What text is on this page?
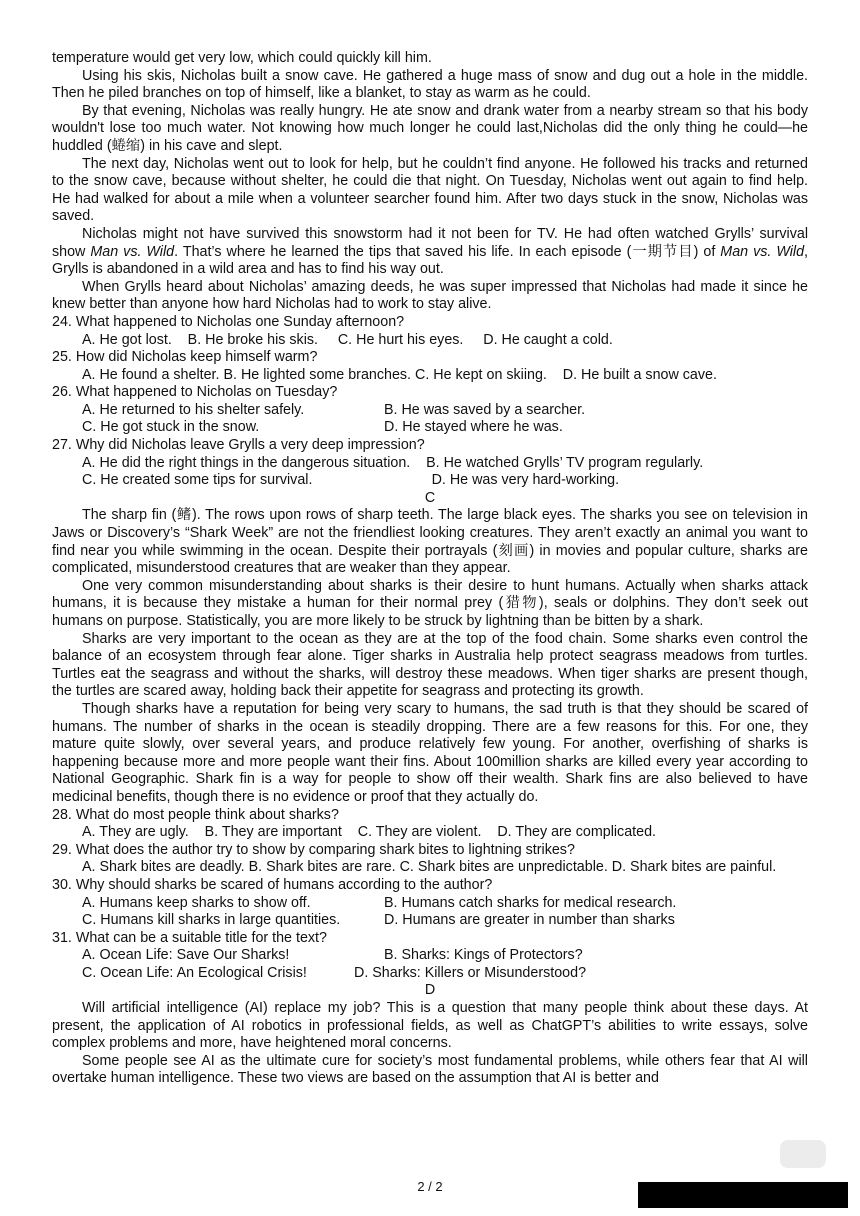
temperature would get very low, which could quickly kill him.

Using his skis, Nicholas built a snow cave. He gathered a huge mass of snow and dug out a hole in the middle. Then he piled branches on top of himself, like a blanket, to stay as warm as he could.

By that evening, Nicholas was really hungry. He ate snow and drank water from a nearby stream so that his body wouldn't lose too much water. Not knowing how much longer he could last,Nicholas did the only thing he could—he huddled (蜷缩) in his cave and slept.

The next day, Nicholas went out to look for help, but he couldn’t find anyone. He followed his tracks and returned to the snow cave, because without shelter, he could die that night. On Tuesday, Nicholas went out again to find help. He had walked for about a mile when a volunteer searcher found him. After two days stuck in the snow, Nicholas was saved.

Nicholas might not have survived this snowstorm had it not been for TV. He had often watched Grylls’ survival show Man vs. Wild. That’s where he learned the tips that saved his life. In each episode (一期节目) of Man vs. Wild, Grylls is abandoned in a wild area and has to find his way out.

When Grylls heard about Nicholas’ amazing deeds, he was super impressed that Nicholas had made it since he knew better than anyone how hard Nicholas had to work to stay alive.

24. What happened to Nicholas one Sunday afternoon?

A. He got lost.    B. He broke his skis.     C. He hurt his eyes.     D. He caught a cold.

25. How did Nicholas keep himself warm?

A. He found a shelter. B. He lighted some branches. C. He kept on skiing.    D. He built a snow cave.

26. What happened to Nicholas on Tuesday?

A. He returned to his shelter safely.	B. He was saved by a searcher.
C. He got stuck in the snow.	D. He stayed where he was.

27. Why did Nicholas leave Grylls a very deep impression?

A. He did the right things in the dangerous situation.    B. He watched Grylls’ TV program regularly.

C. He created some tips for survival.                              D. He was very hard-working.

C

The sharp fin (鳍). The rows upon rows of sharp teeth. The large black eyes. The sharks you see on television in Jaws or Discovery’s “Shark Week” are not the friendliest looking creatures. They aren’t exactly an animal you want to find near you while swimming in the ocean. Despite their portrayals (刻画) in movies and popular culture, sharks are complicated, misunderstood creatures that are weaker than they appear.

One very common misunderstanding about sharks is their desire to hunt humans. Actually when sharks attack humans, it is because they mistake a human for their normal prey (猎物), seals or dolphins. They don’t seek out humans on purpose. Statistically, you are more likely to be struck by lightning than be bitten by a shark.

Sharks are very important to the ocean as they are at the top of the food chain. Some sharks even control the balance of an ecosystem through fear alone. Tiger sharks in Australia help protect seagrass meadows from turtles. Turtles eat the seagrass and without the sharks, will destroy these meadows. When tiger sharks are present though, the turtles are scared away, holding back their appetite for seagrass and protecting its growth.

Though sharks have a reputation for being very scary to humans, the sad truth is that they should be scared of humans. The number of sharks in the ocean is steadily dropping. There are a few reasons for this. For one, they mature quite slowly, over several years, and produce relatively few young. For another, overfishing of sharks is happening because more and more people want their fins. About 100million sharks are killed every year according to National Geographic. Shark fin is a way for people to show off their wealth. Shark fins are also believed to have medicinal benefits, though there is no evidence or proof that they actually do.

28. What do most people think about sharks?

A. They are ugly.    B. They are important    C. They are violent.    D. They are complicated.

29. What does the author try to show by comparing shark bites to lightning strikes?

A. Shark bites are deadly. B. Shark bites are rare. C. Shark bites are unpredictable. D. Shark bites are painful.

30. Why should sharks be scared of humans according to the author?

A. Humans keep sharks to show off.	B. Humans catch sharks for medical research.
C. Humans kill sharks in large quantities.	D. Humans are greater in number than sharks

31. What can be a suitable title for the text?

A. Ocean Life: Save Our Sharks!	B. Sharks: Kings of Protectors?
C. Ocean Life: An Ecological Crisis!	D. Sharks: Killers or Misunderstood?

D

Will artificial intelligence (AI) replace my job? This is a question that many people think about these days. At present, the application of AI robotics in professional fields, as well as ChatGPT’s abilities to write essays, solve complex problems and more, have heightened moral concerns.

Some people see AI as the ultimate cure for society’s most fundamental problems, while others fear that AI will overtake human intelligence. These two views are based on the assumption that AI is better and

2 / 2
